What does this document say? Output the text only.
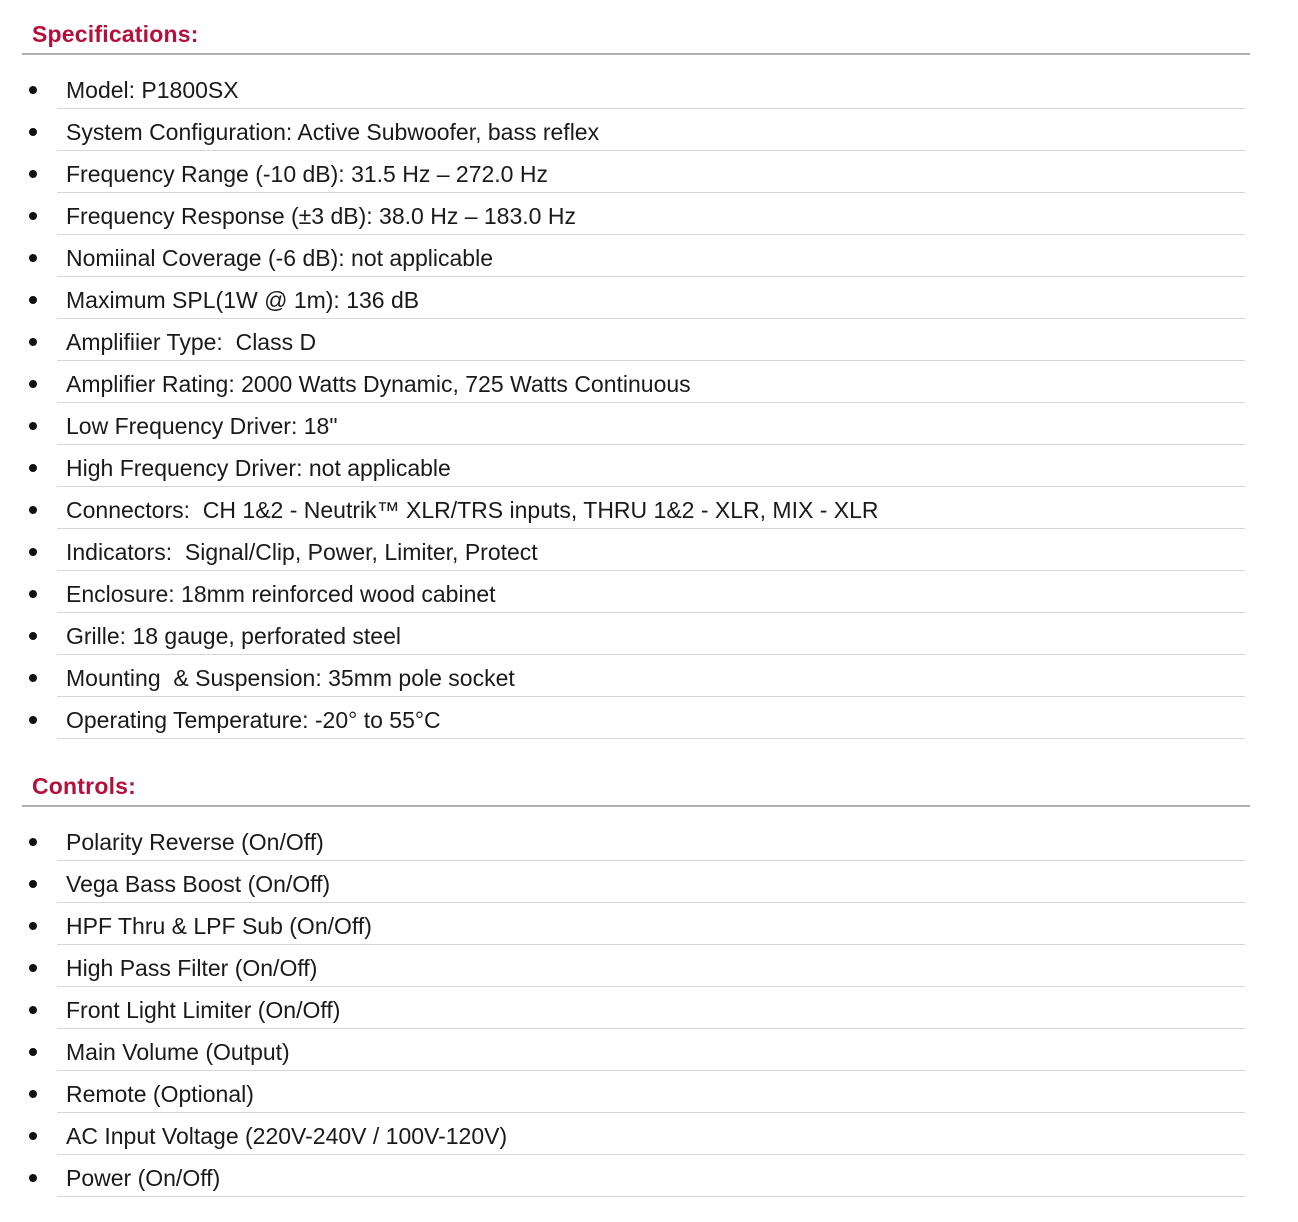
Specifications:
Model: P1800SX
System Configuration: Active Subwoofer, bass reflex
Frequency Range (-10 dB): 31.5 Hz – 272.0 Hz
Frequency Response (±3 dB): 38.0 Hz – 183.0 Hz
Nomiinal Coverage (-6 dB): not applicable
Maximum SPL(1W @ 1m): 136 dB
Amplifiier Type:  Class D
Amplifier Rating: 2000 Watts Dynamic, 725 Watts Continuous
Low Frequency Driver: 18"
High Frequency Driver: not applicable
Connectors:  CH 1&2 - Neutrik™ XLR/TRS inputs, THRU 1&2 - XLR, MIX - XLR
Indicators:  Signal/Clip, Power, Limiter, Protect
Enclosure: 18mm reinforced wood cabinet
Grille: 18 gauge, perforated steel
Mounting  & Suspension: 35mm pole socket
Operating Temperature: -20° to 55°C
Controls:
Polarity Reverse (On/Off)
Vega Bass Boost (On/Off)
HPF Thru & LPF Sub (On/Off)
High Pass Filter (On/Off)
Front Light Limiter (On/Off)
Main Volume (Output)
Remote (Optional)
AC Input Voltage (220V-240V / 100V-120V)
Power (On/Off)
